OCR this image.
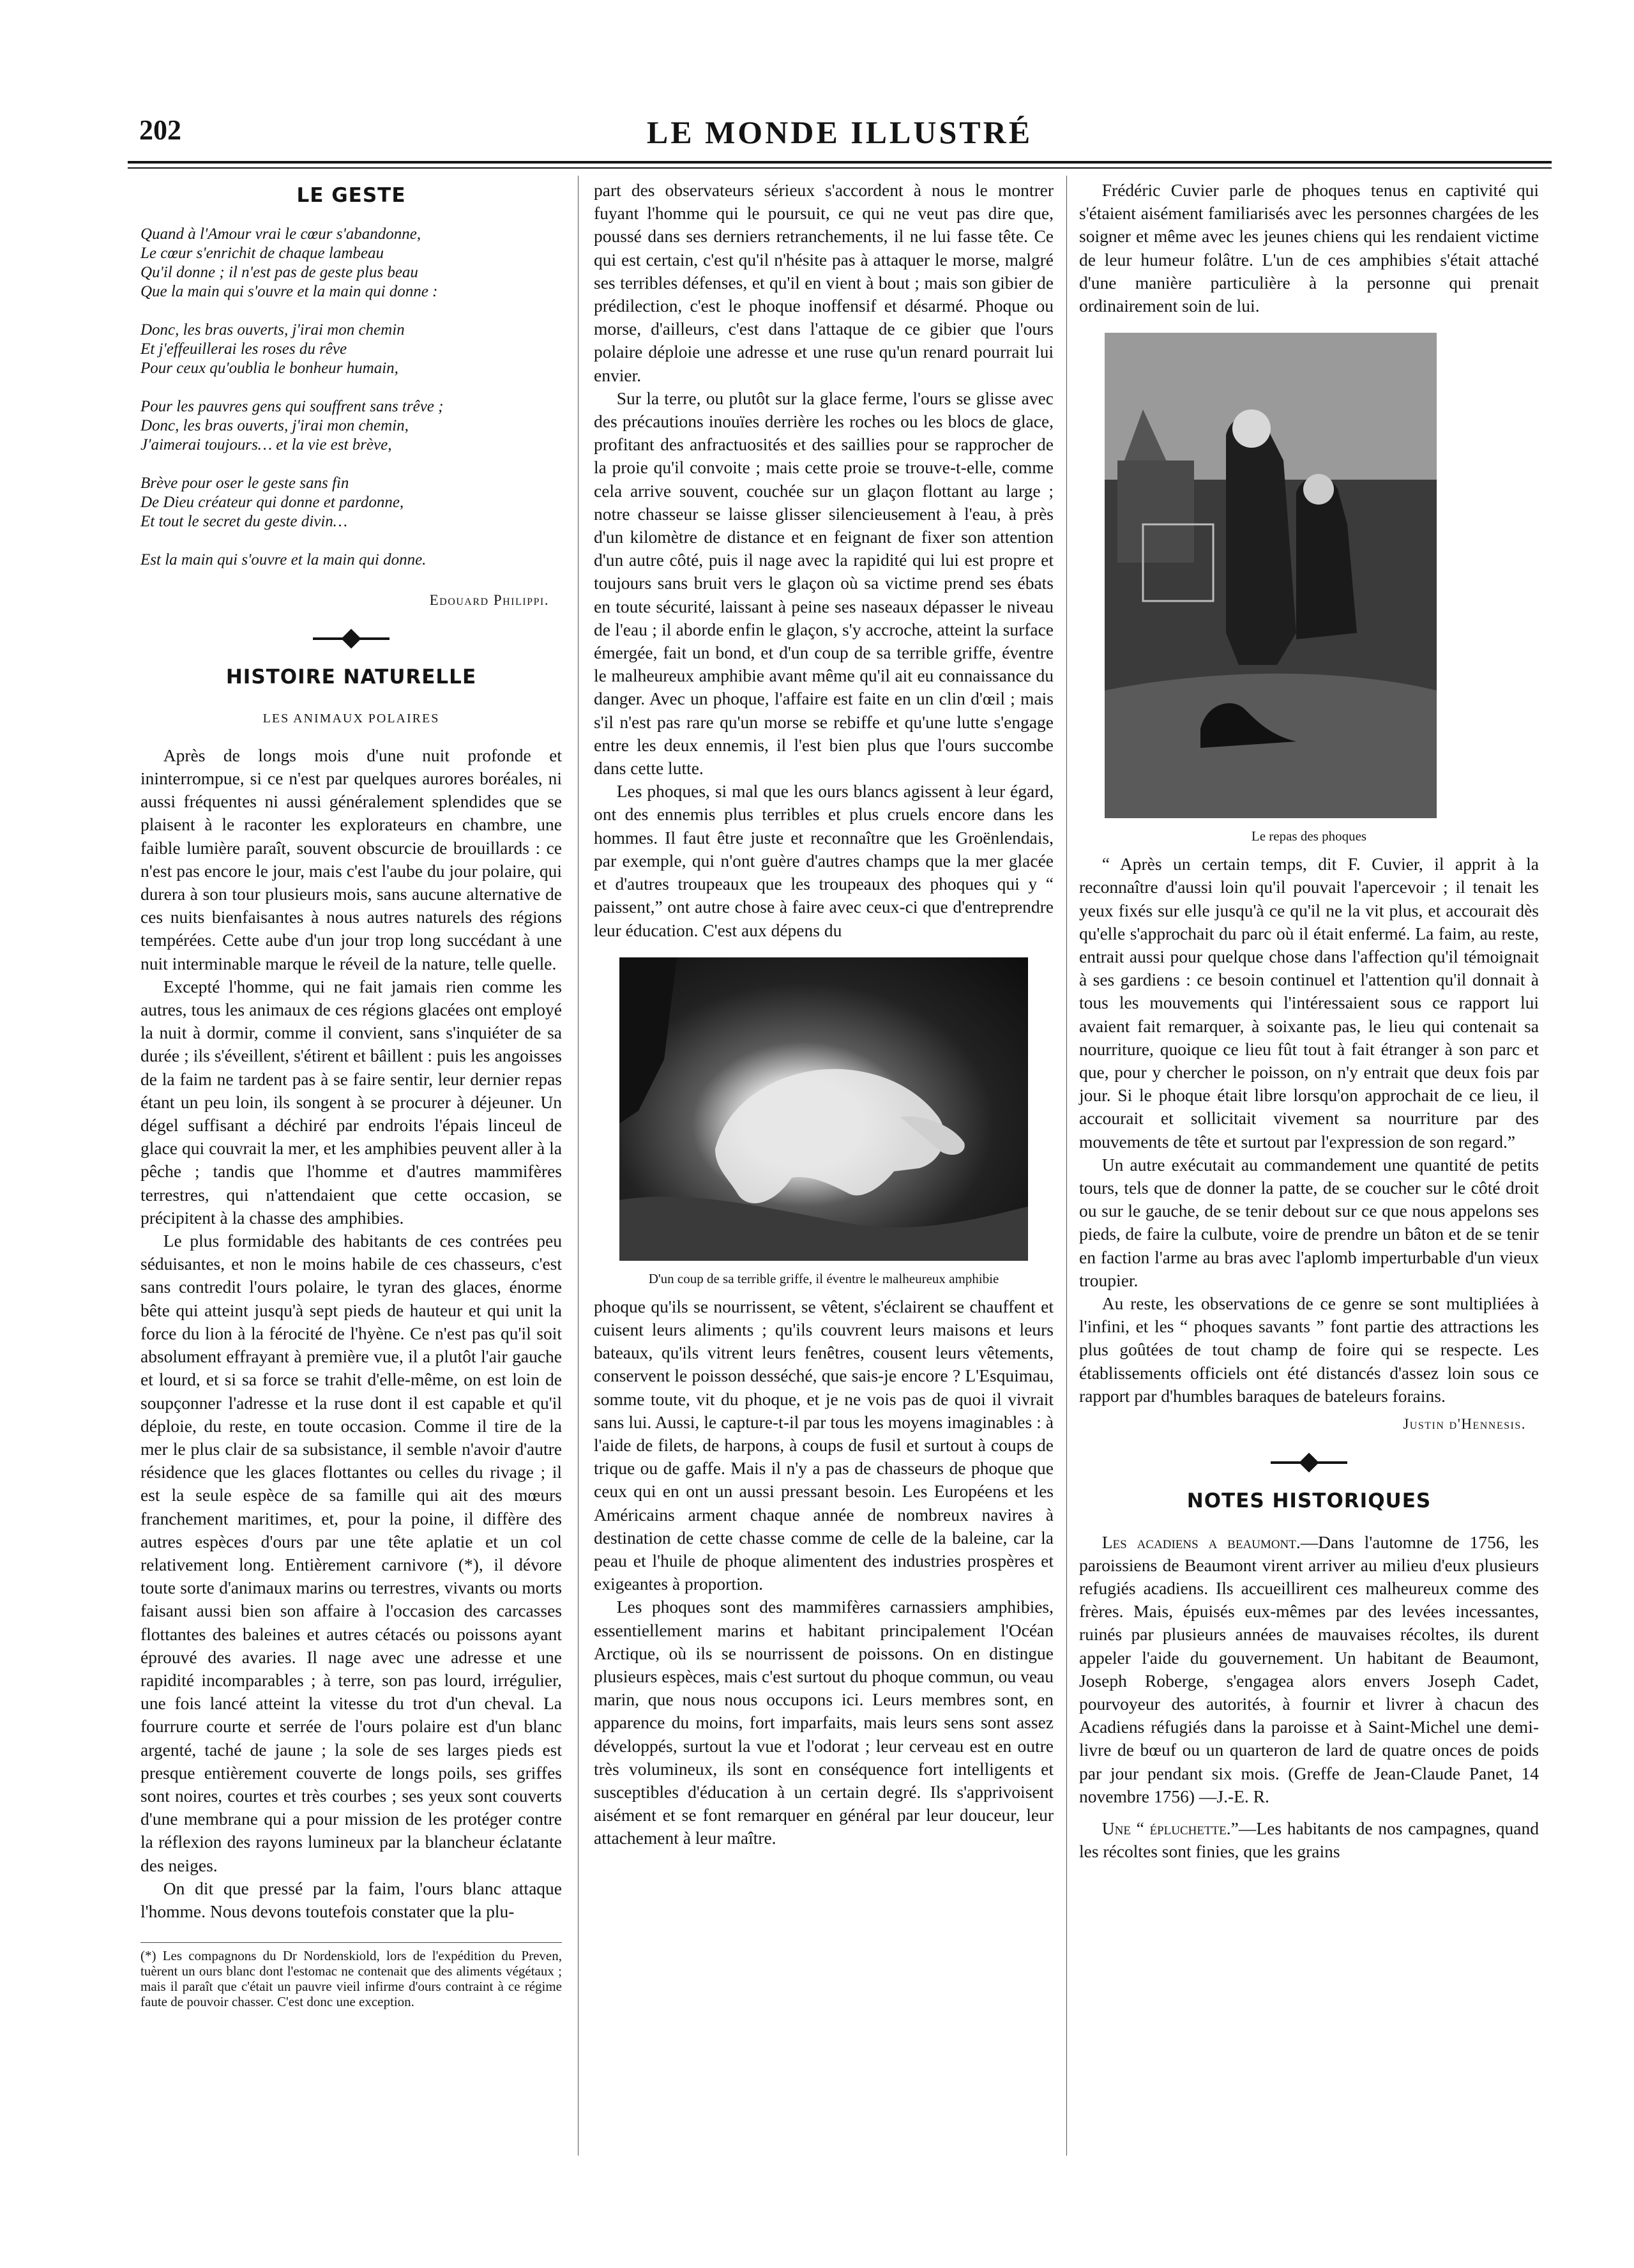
202	LE MONDE ILLUSTRÉ
LE GESTE
Quand à l'Amour vrai le cœur s'abandonne,
Le cœur s'enrichit de chaque lambeau
Qu'il donne ; il n'est pas de geste plus beau
Que la main qui s'ouvre et la main qui donne :
Donc, les bras ouverts, j'irai mon chemin
Et j'effeuillerai les roses du rêve
Pour ceux qu'oublia le bonheur humain,
Pour les pauvres gens qui souffrent sans trêve ;
Donc, les bras ouverts, j'irai mon chemin,
J'aimerai toujours… et la vie est brève,
Brève pour oser le geste sans fin
De Dieu créateur qui donne et pardonne,
Et tout le secret du geste divin…
Est la main qui s'ouvre et la main qui donne.
Edouard Philippi.
HISTOIRE NATURELLE
LES ANIMAUX POLAIRES

Après de longs mois d'une nuit profonde et ininterrompue, si ce n'est par quelques aurores boréales, ni aussi fréquentes ni aussi généralement splendides que se plaisent à le raconter les explorateurs en chambre, une faible lumière paraît, souvent obscurcie de brouillards : ce n'est pas encore le jour, mais c'est l'aube du jour polaire, qui durera à son tour plusieurs mois, sans aucune alternative de ces nuits bienfaisantes à nous autres naturels des régions tempérées. Cette aube d'un jour trop long succédant à une nuit interminable marque le réveil de la nature, telle quelle.

Excepté l'homme, qui ne fait jamais rien comme les autres, tous les animaux de ces régions glacées ont employé la nuit à dormir, comme il convient, sans s'inquiéter de sa durée ; ils s'éveillent, s'étirent et bâillent : puis les angoisses de la faim ne tardent pas à se faire sentir, leur dernier repas étant un peu loin, ils songent à se procurer à déjeuner. Un dégel suffisant a déchiré par endroits l'épais linceul de glace qui couvrait la mer, et les amphibies peuvent aller à la pêche ; tandis que l'homme et d'autres mammifères terrestres, qui n'attendaient que cette occasion, se précipitent à la chasse des amphibies.

Le plus formidable des habitants de ces contrées peu séduisantes, et non le moins habile de ces chasseurs, c'est sans contredit l'ours polaire, le tyran des glaces, énorme bête qui atteint jusqu'à sept pieds de hauteur et qui unit la force du lion à la férocité de l'hyène. Ce n'est pas qu'il soit absolument effrayant à première vue, il a plutôt l'air gauche et lourd, et si sa force se trahit d'elle-même, on est loin de soupçonner l'adresse et la ruse dont il est capable et qu'il déploie, du reste, en toute occasion. Comme il tire de la mer le plus clair de sa subsistance, il semble n'avoir d'autre résidence que les glaces flottantes ou celles du rivage ; il est la seule espèce de sa famille qui ait des mœurs franchement maritimes, et, pour la poine, il diffère des autres espèces d'ours par une tête aplatie et un col relativement long. Entièrement carnivore (*), il dévore toute sorte d'animaux marins ou terrestres, vivants ou morts faisant aussi bien son affaire à l'occasion des carcasses flottantes des baleines et autres cétacés ou poissons ayant éprouvé des avaries. Il nage avec une adresse et une rapidité incomparables ; à terre, son pas lourd, irrégulier, une fois lancé atteint la vitesse du trot d'un cheval. La fourrure courte et serrée de l'ours polaire est d'un blanc argenté, taché de jaune ; la sole de ses larges pieds est presque entièrement couverte de longs poils, ses griffes sont noires, courtes et très courbes ; ses yeux sont couverts d'une membrane qui a pour mission de les protéger contre la réflexion des rayons lumineux par la blancheur éclatante des neiges.

On dit que pressé par la faim, l'ours blanc attaque l'homme. Nous devons toutefois constater que la plu-

(*) Les compagnons du Dr Nordenskiold, lors de l'expédition du Preven, tuèrent un ours blanc dont l'estomac ne contenait que des aliments végétaux ; mais il paraît que c'était un pauvre vieil infirme d'ours contraint à ce régime faute de pouvoir chasser. C'est donc une exception.

part des observateurs sérieux s'accordent à nous le montrer fuyant l'homme qui le poursuit, ce qui ne veut pas dire que, poussé dans ses derniers retranchements, il ne lui fasse tête. Ce qui est certain, c'est qu'il n'hésite pas à attaquer le morse, malgré ses terribles défenses, et qu'il en vient à bout ; mais son gibier de prédilection, c'est le phoque inoffensif et désarmé. Phoque ou morse, d'ailleurs, c'est dans l'attaque de ce gibier que l'ours polaire déploie une adresse et une ruse qu'un renard pourrait lui envier.

Sur la terre, ou plutôt sur la glace ferme, l'ours se glisse avec des précautions inouïes derrière les roches ou les blocs de glace, profitant des anfractuosités et des saillies pour se rapprocher de la proie qu'il convoite ; mais cette proie se trouve-t-elle, comme cela arrive souvent, couchée sur un glaçon flottant au large ; notre chasseur se laisse glisser silencieusement à l'eau, à près d'un kilomètre de distance et en feignant de fixer son attention d'un autre côté, puis il nage avec la rapidité qui lui est propre et toujours sans bruit vers le glaçon où sa victime prend ses ébats en toute sécurité, laissant à peine ses naseaux dépasser le niveau de l'eau ; il aborde enfin le glaçon, s'y accroche, atteint la surface émergée, fait un bond, et d'un coup de sa terrible griffe, éventre le malheureux amphibie avant même qu'il ait eu connaissance du danger. Avec un phoque, l'affaire est faite en un clin d'œil ; mais s'il n'est pas rare qu'un morse se rebiffe et qu'une lutte s'engage entre les deux ennemis, il l'est bien plus que l'ours succombe dans cette lutte.

Les phoques, si mal que les ours blancs agissent à leur égard, ont des ennemis plus terribles et plus cruels encore dans les hommes. Il faut être juste et reconnaître que les Groënlendais, par exemple, qui n'ont guère d'autres champs que la mer glacée et d'autres troupeaux que les troupeaux des phoques qui y “ paissent,” ont autre chose à faire avec ceux-ci que d'entreprendre leur éducation. C'est aux dépens du

D'un coup de sa terrible griffe, il éventre le malheureux amphibie

phoque qu'ils se nourrissent, se vêtent, s'éclairent se chauffent et cuisent leurs aliments ; qu'ils couvrent leurs maisons et leurs bateaux, qu'ils vitrent leurs fenêtres, cousent leurs vêtements, conservent le poisson desséché, que sais-je encore ? L'Esquimau, somme toute, vit du phoque, et je ne vois pas de quoi il vivrait sans lui. Aussi, le capture-t-il par tous les moyens imaginables : à l'aide de filets, de harpons, à coups de fusil et surtout à coups de trique ou de gaffe. Mais il n'y a pas de chasseurs de phoque que ceux qui en ont un aussi pressant besoin. Les Européens et les Américains arment chaque année de nombreux navires à destination de cette chasse comme de celle de la baleine, car la peau et l'huile de phoque alimentent des industries prospères et exigeantes à proportion.

Les phoques sont des mammifères carnassiers amphibies, essentiellement marins et habitant principalement l'Océan Arctique, où ils se nourrissent de poissons. On en distingue plusieurs espèces, mais c'est surtout du phoque commun, ou veau marin, que nous nous occupons ici. Leurs membres sont, en apparence du moins, fort imparfaits, mais leurs sens sont assez développés, surtout la vue et l'odorat ; leur cerveau est en outre très volumineux, ils sont en conséquence fort intelligents et susceptibles d'éducation à un certain degré. Ils s'apprivoisent aisément et se font remarquer en général par leur douceur, leur attachement à leur maître.

Frédéric Cuvier parle de phoques tenus en captivité qui s'étaient aisément familiarisés avec les personnes chargées de les soigner et même avec les jeunes chiens qui les rendaient victime de leur humeur folâtre. L'un de ces amphibies s'était attaché d'une manière particulière à la personne qui prenait ordinairement soin de lui.

Le repas des phoques

“ Après un certain temps, dit F. Cuvier, il apprit à la reconnaître d'aussi loin qu'il pouvait l'apercevoir ; il tenait les yeux fixés sur elle jusqu'à ce qu'il ne la vit plus, et accourait dès qu'elle s'approchait du parc où il était enfermé. La faim, au reste, entrait aussi pour quelque chose dans l'affection qu'il témoignait à ses gardiens : ce besoin continuel et l'attention qu'il donnait à tous les mouvements qui l'intéressaient sous ce rapport lui avaient fait remarquer, à soixante pas, le lieu qui contenait sa nourriture, quoique ce lieu fût tout à fait étranger à son parc et que, pour y chercher le poisson, on n'y entrait que deux fois par jour. Si le phoque était libre lorsqu'on approchait de ce lieu, il accourait et sollicitait vivement sa nourriture par des mouvements de tête et surtout par l'expression de son regard.”

Un autre exécutait au commandement une quantité de petits tours, tels que de donner la patte, de se coucher sur le côté droit ou sur le gauche, de se tenir debout sur ce que nous appelons ses pieds, de faire la culbute, voire de prendre un bâton et de se tenir en faction l'arme au bras avec l'aplomb imperturbable d'un vieux troupier.

Au reste, les observations de ce genre se sont multipliées à l'infini, et les “ phoques savants ” font partie des attractions les plus goûtées de tout champ de foire qui se respecte. Les établissements officiels ont été distancés d'assez loin sous ce rapport par d'humbles baraques de bateleurs forains.

Justin d'Hennesis.
NOTES HISTORIQUES

Les acadiens a beaumont.—Dans l'automne de 1756, les paroissiens de Beaumont virent arriver au milieu d'eux plusieurs refugiés acadiens. Ils accueillirent ces malheureux comme des frères. Mais, épuisés eux-mêmes par des levées incessantes, ruinés par plusieurs années de mauvaises récoltes, ils durent appeler l'aide du gouvernement. Un habitant de Beaumont, Joseph Roberge, s'engagea alors envers Joseph Cadet, pourvoyeur des autorités, à fournir et livrer à chacun des Acadiens réfugiés dans la paroisse et à Saint-Michel une demi-livre de bœuf ou un quarteron de lard de quatre onces de poids par jour pendant six mois. (Greffe de Jean-Claude Panet, 14 novembre 1756) —J.-E. R.

Une “ épluchette.”—Les habitants de nos campagnes, quand les récoltes sont finies, que les grains
